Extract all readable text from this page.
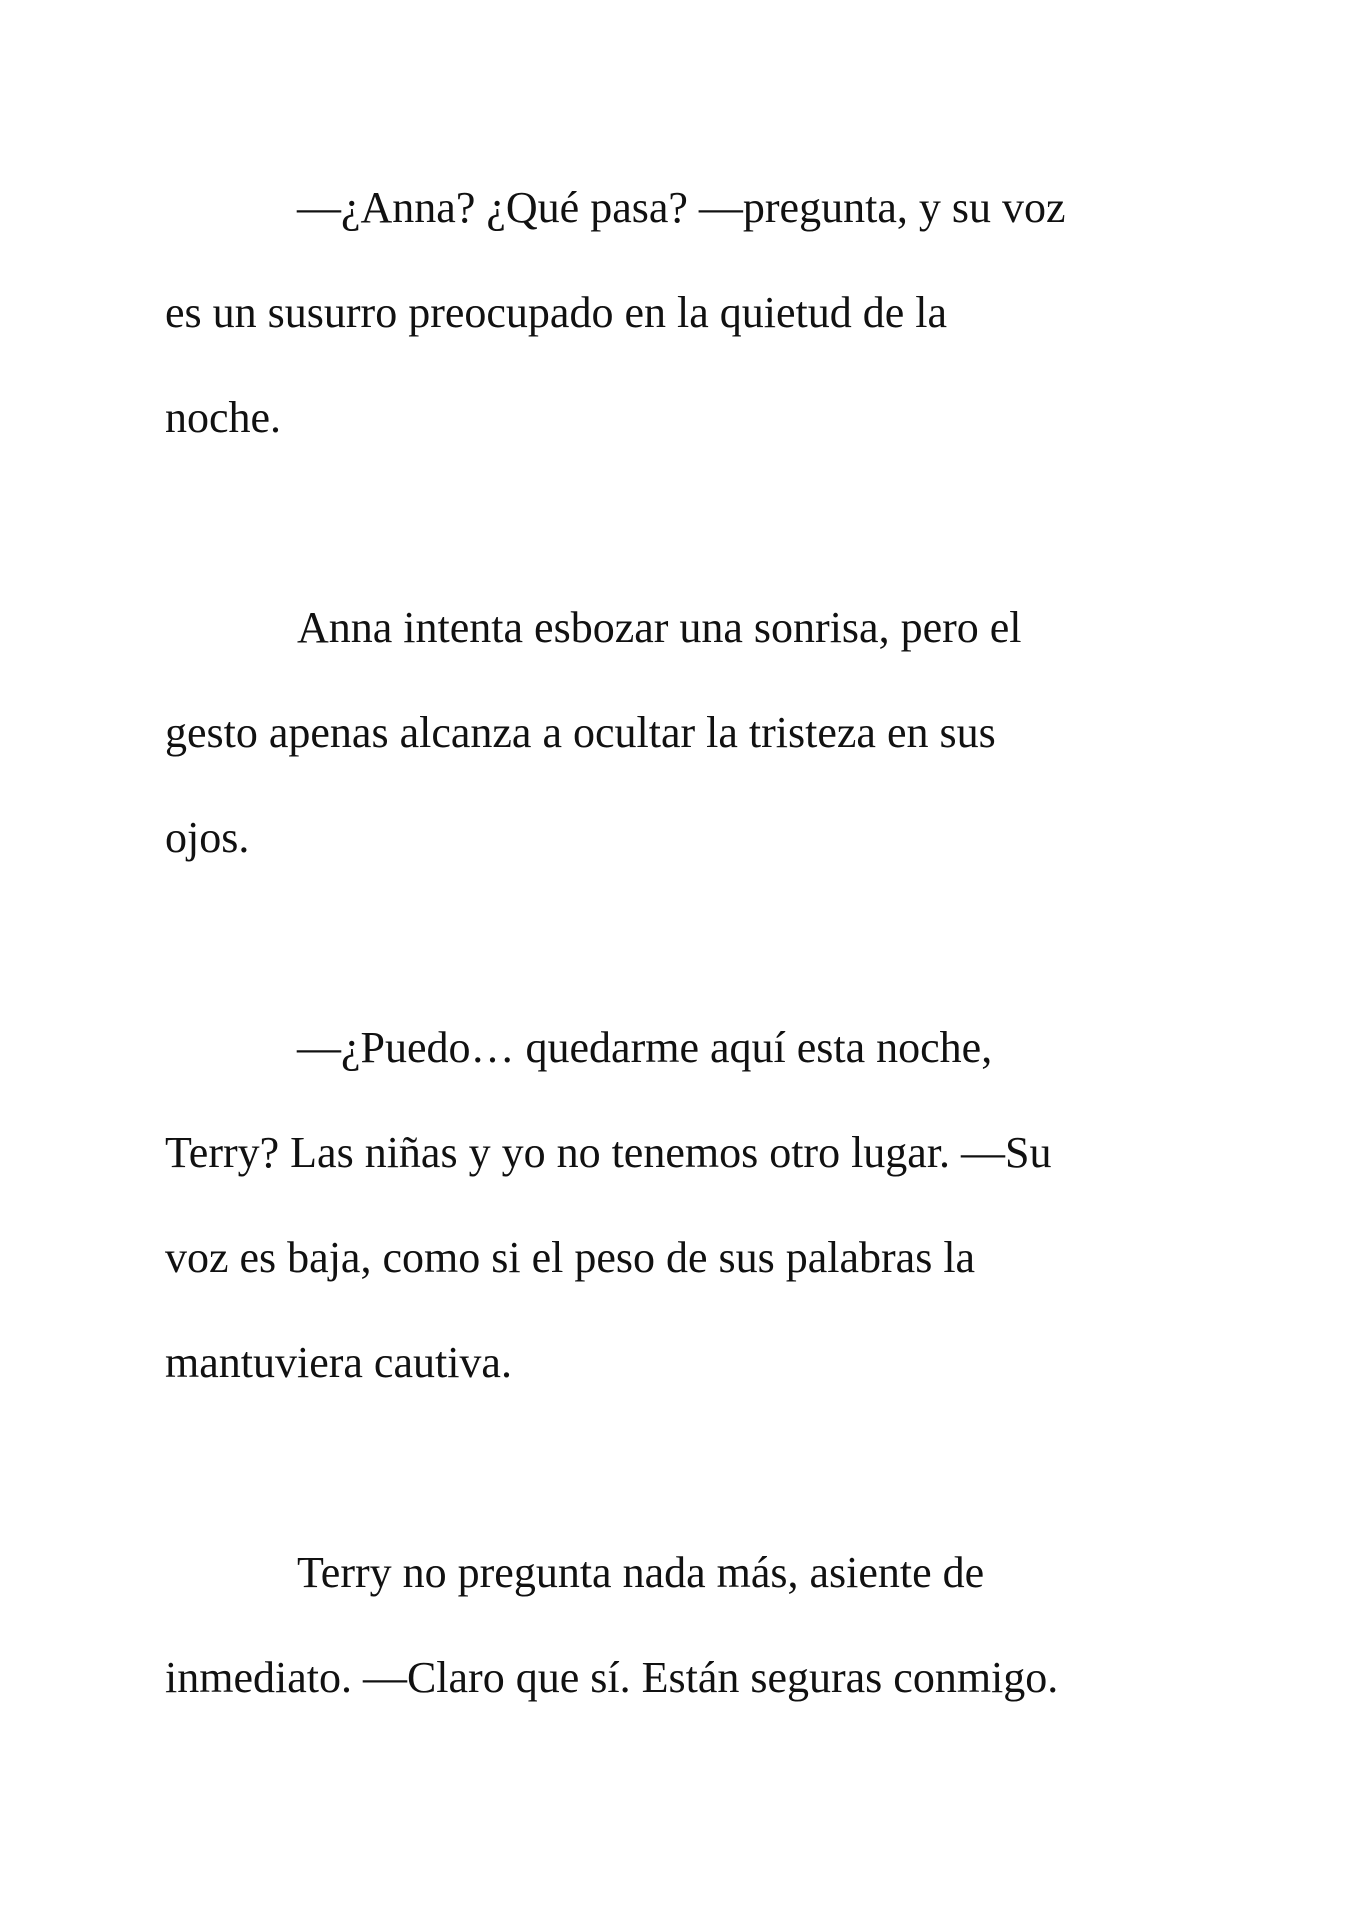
—¿Anna? ¿Qué pasa? —pregunta, y su voz
es un susurro preocupado en la quietud de la
noche.

Anna intenta esbozar una sonrisa, pero el
gesto apenas alcanza a ocultar la tristeza en sus
ojos.

—¿Puedo… quedarme aquí esta noche,
Terry? Las niñas y yo no tenemos otro lugar. —Su
voz es baja, como si el peso de sus palabras la
mantuviera cautiva.

Terry no pregunta nada más, asiente de
inmediato. —Claro que sí. Están seguras conmigo.
